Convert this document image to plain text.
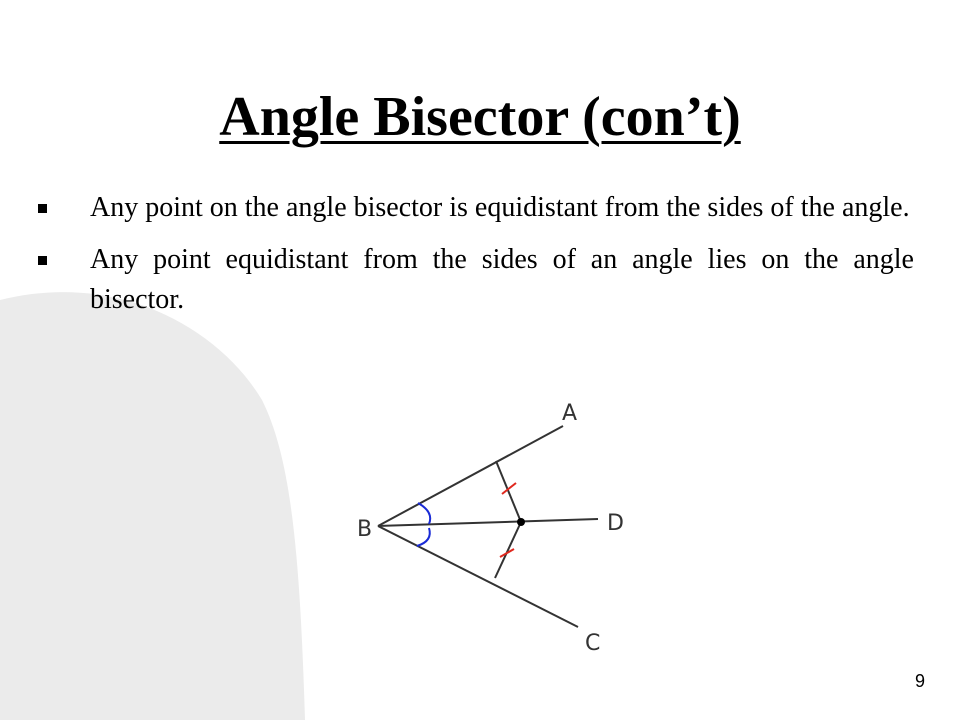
Angle Bisector (con’t)
Any point on the angle bisector is equidistant from the sides of the angle.
Any point equidistant from the sides of an angle lies on the angle bisector.
A
B
C
D
9
